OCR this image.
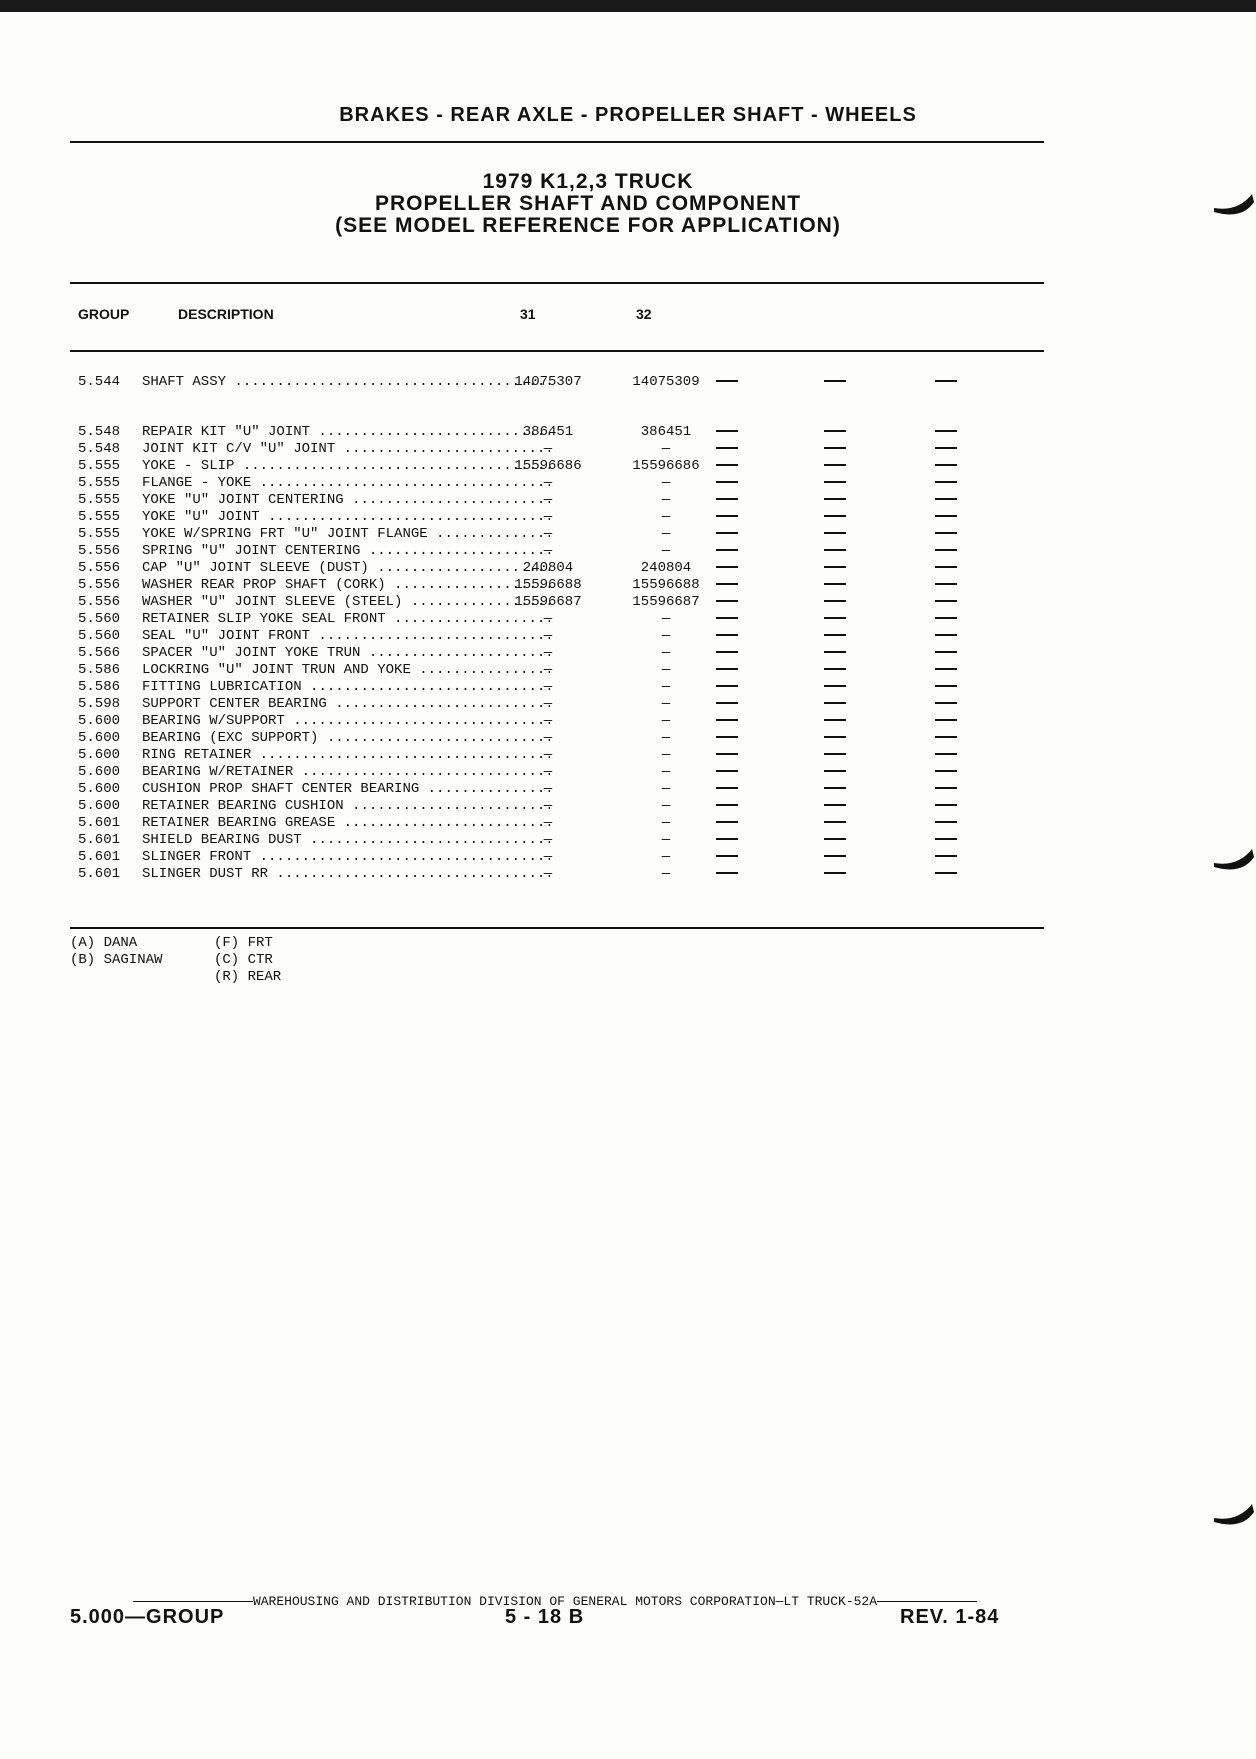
BRAKES - REAR AXLE - PROPELLER SHAFT - WHEELS
1979 K1,2,3 TRUCK
PROPELLER SHAFT AND COMPONENT
(SEE MODEL REFERENCE FOR APPLICATION)
GROUP	DESCRIPTION	31	32
5.544	SHAFT ASSY .....	14075307	14075309
5.548	REPAIR KIT "U" JOINT .....	386451	386451
5.548	JOINT KIT C/V "U" JOINT .....	—	—
5.555	YOKE - SLIP .....	15596686	15596686
5.555	FLANGE - YOKE .....	—	—
5.555	YOKE "U" JOINT CENTERING .....	—	—
5.555	YOKE "U" JOINT .....	—	—
5.555	YOKE W/SPRING FRT "U" JOINT FLANGE .....	—	—
5.556	SPRING "U" JOINT CENTERING .....	—	—
5.556	CAP "U" JOINT SLEEVE (DUST) .....	240804	240804
5.556	WASHER REAR PROP SHAFT (CORK) .....	15596688	15596688
5.556	WASHER "U" JOINT SLEEVE (STEEL) .....	15596687	15596687
5.560	RETAINER SLIP YOKE SEAL FRONT .....	—	—
5.560	SEAL "U" JOINT FRONT .....	—	—
5.566	SPACER "U" JOINT YOKE TRUN .....	—	—
5.586	LOCKRING "U" JOINT TRUN AND YOKE .....	—	—
5.586	FITTING LUBRICATION .....	—	—
5.598	SUPPORT CENTER BEARING .....	—	—
5.600	BEARING W/SUPPORT .....	—	—
5.600	BEARING (EXC SUPPORT) .....	—	—
5.600	RING RETAINER .....	—	—
5.600	BEARING W/RETAINER .....	—	—
5.600	CUSHION PROP SHAFT CENTER BEARING .....	—	—
5.600	RETAINER BEARING CUSHION .....	—	—
5.601	RETAINER BEARING GREASE .....	—	—
5.601	SHIELD BEARING DUST .....	—	—
5.601	SLINGER FRONT .....	—	—
5.601	SLINGER DUST RR .....	—	—
(A) DANA
(B) SAGINAW
(F) FRT
(C) CTR
(R) REAR
WAREHOUSING AND DISTRIBUTION DIVISION OF GENERAL MOTORS CORPORATION—LT TRUCK-52A
5.000—GROUP	5 - 18 B	REV. 1-84
